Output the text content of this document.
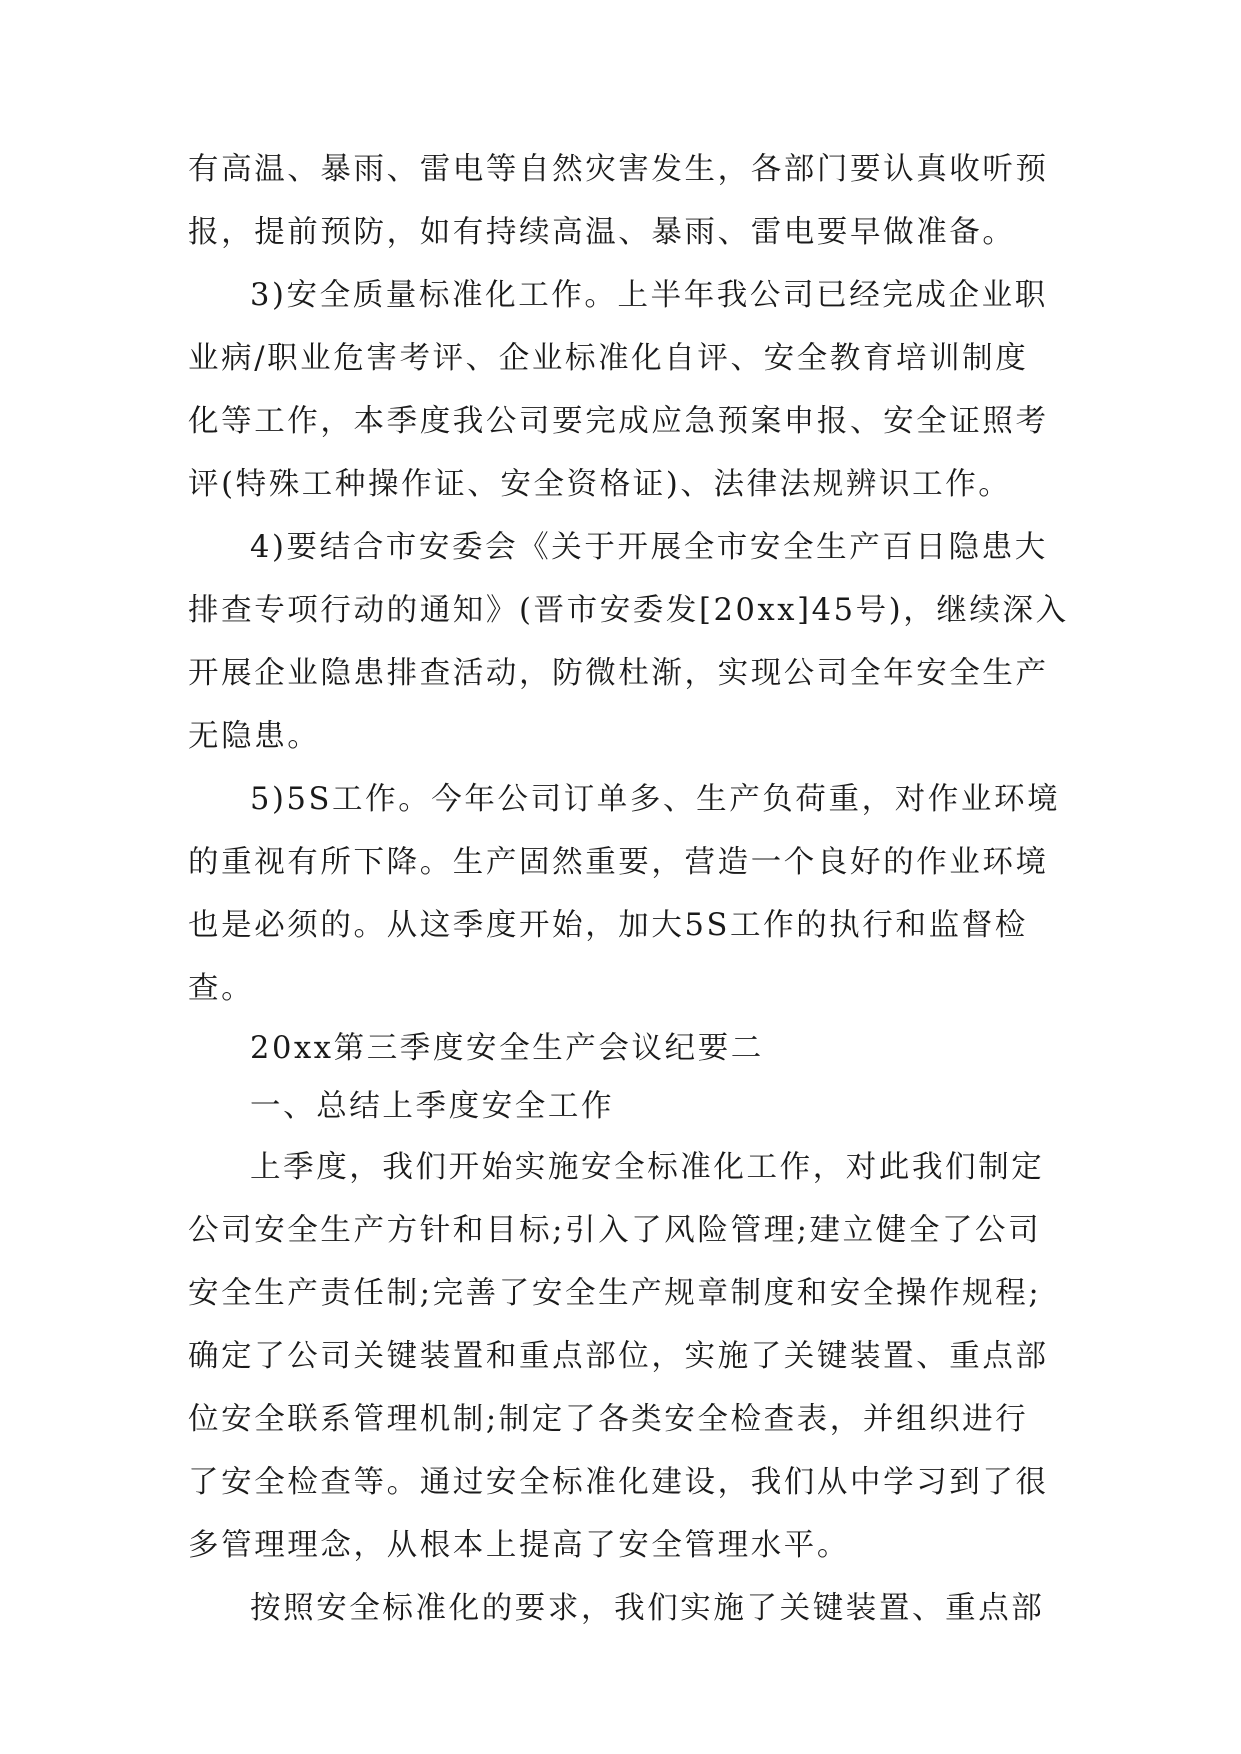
有高温、暴雨、雷电等自然灾害发生，各部门要认真收听预
报，提前预防，如有持续高温、暴雨、雷电要早做准备。
3)安全质量标准化工作。上半年我公司已经完成企业职
业病/职业危害考评、企业标准化自评、安全教育培训制度
化等工作，本季度我公司要完成应急预案申报、安全证照考
评(特殊工种操作证、安全资格证)、法律法规辨识工作。
4)要结合市安委会《关于开展全市安全生产百日隐患大
排查专项行动的通知》(晋市安委发[20xx]45号)，继续深入
开展企业隐患排查活动，防微杜渐，实现公司全年安全生产
无隐患。
5)5S工作。今年公司订单多、生产负荷重，对作业环境
的重视有所下降。生产固然重要，营造一个良好的作业环境
也是必须的。从这季度开始，加大5S工作的执行和监督检
查。
20xx第三季度安全生产会议纪要二
一、总结上季度安全工作
上季度，我们开始实施安全标准化工作，对此我们制定
公司安全生产方针和目标;引入了风险管理;建立健全了公司
安全生产责任制;完善了安全生产规章制度和安全操作规程;
确定了公司关键装置和重点部位，实施了关键装置、重点部
位安全联系管理机制;制定了各类安全检查表，并组织进行
了安全检查等。通过安全标准化建设，我们从中学习到了很
多管理理念，从根本上提高了安全管理水平。
按照安全标准化的要求，我们实施了关键装置、重点部
